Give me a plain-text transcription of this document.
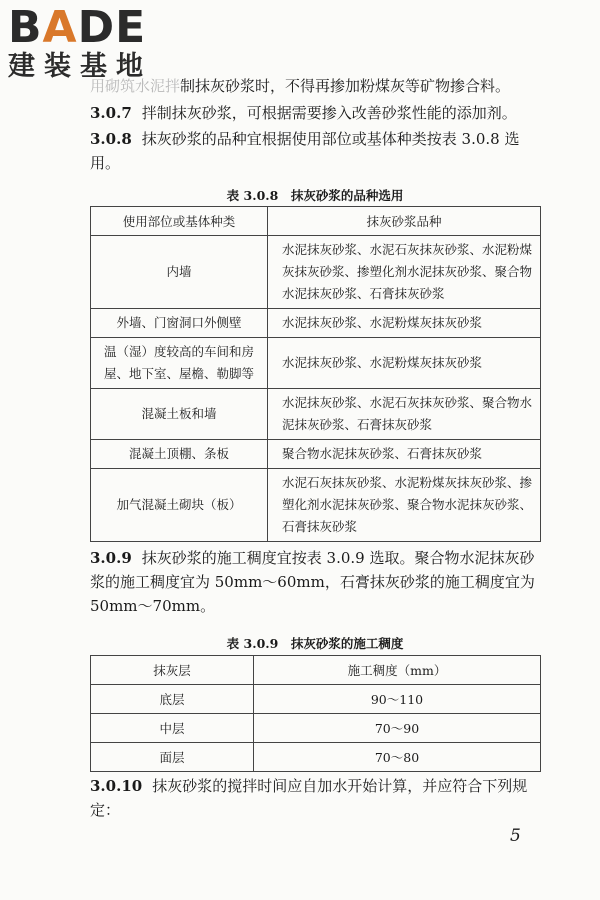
BADE
建装基地
用砌筑水泥拌制抹灰砂浆时，不得再掺加粉煤灰等矿物掺合料。
3.0.7 拌制抹灰砂浆，可根据需要掺入改善砂浆性能的添加剂。
3.0.8 抹灰砂浆的品种宜根据使用部位或基体种类按表 3.0.8 选用。
表 3.0.8　抹灰砂浆的品种选用
使用部位或基体种类	抹灰砂浆品种
内墙	水泥抹灰砂浆、水泥石灰抹灰砂浆、水泥粉煤灰抹灰砂浆、掺塑化剂水泥抹灰砂浆、聚合物水泥抹灰砂浆、石膏抹灰砂浆
外墙、门窗洞口外侧壁	水泥抹灰砂浆、水泥粉煤灰抹灰砂浆
温（湿）度较高的车间和房屋、地下室、屋檐、勒脚等	水泥抹灰砂浆、水泥粉煤灰抹灰砂浆
混凝土板和墙	水泥抹灰砂浆、水泥石灰抹灰砂浆、聚合物水泥抹灰砂浆、石膏抹灰砂浆
混凝土顶棚、条板	聚合物水泥抹灰砂浆、石膏抹灰砂浆
加气混凝土砌块（板）	水泥石灰抹灰砂浆、水泥粉煤灰抹灰砂浆、掺塑化剂水泥抹灰砂浆、聚合物水泥抹灰砂浆、石膏抹灰砂浆
3.0.9 抹灰砂浆的施工稠度宜按表 3.0.9 选取。聚合物水泥抹灰砂浆的施工稠度宜为 50mm～60mm，石膏抹灰砂浆的施工稠度宜为 50mm～70mm。
表 3.0.9　抹灰砂浆的施工稠度
抹灰层	施工稠度（mm）
底层	90～110
中层	70～90
面层	70～80
3.0.10 抹灰砂浆的搅拌时间应自加水开始计算，并应符合下列规定：
5
